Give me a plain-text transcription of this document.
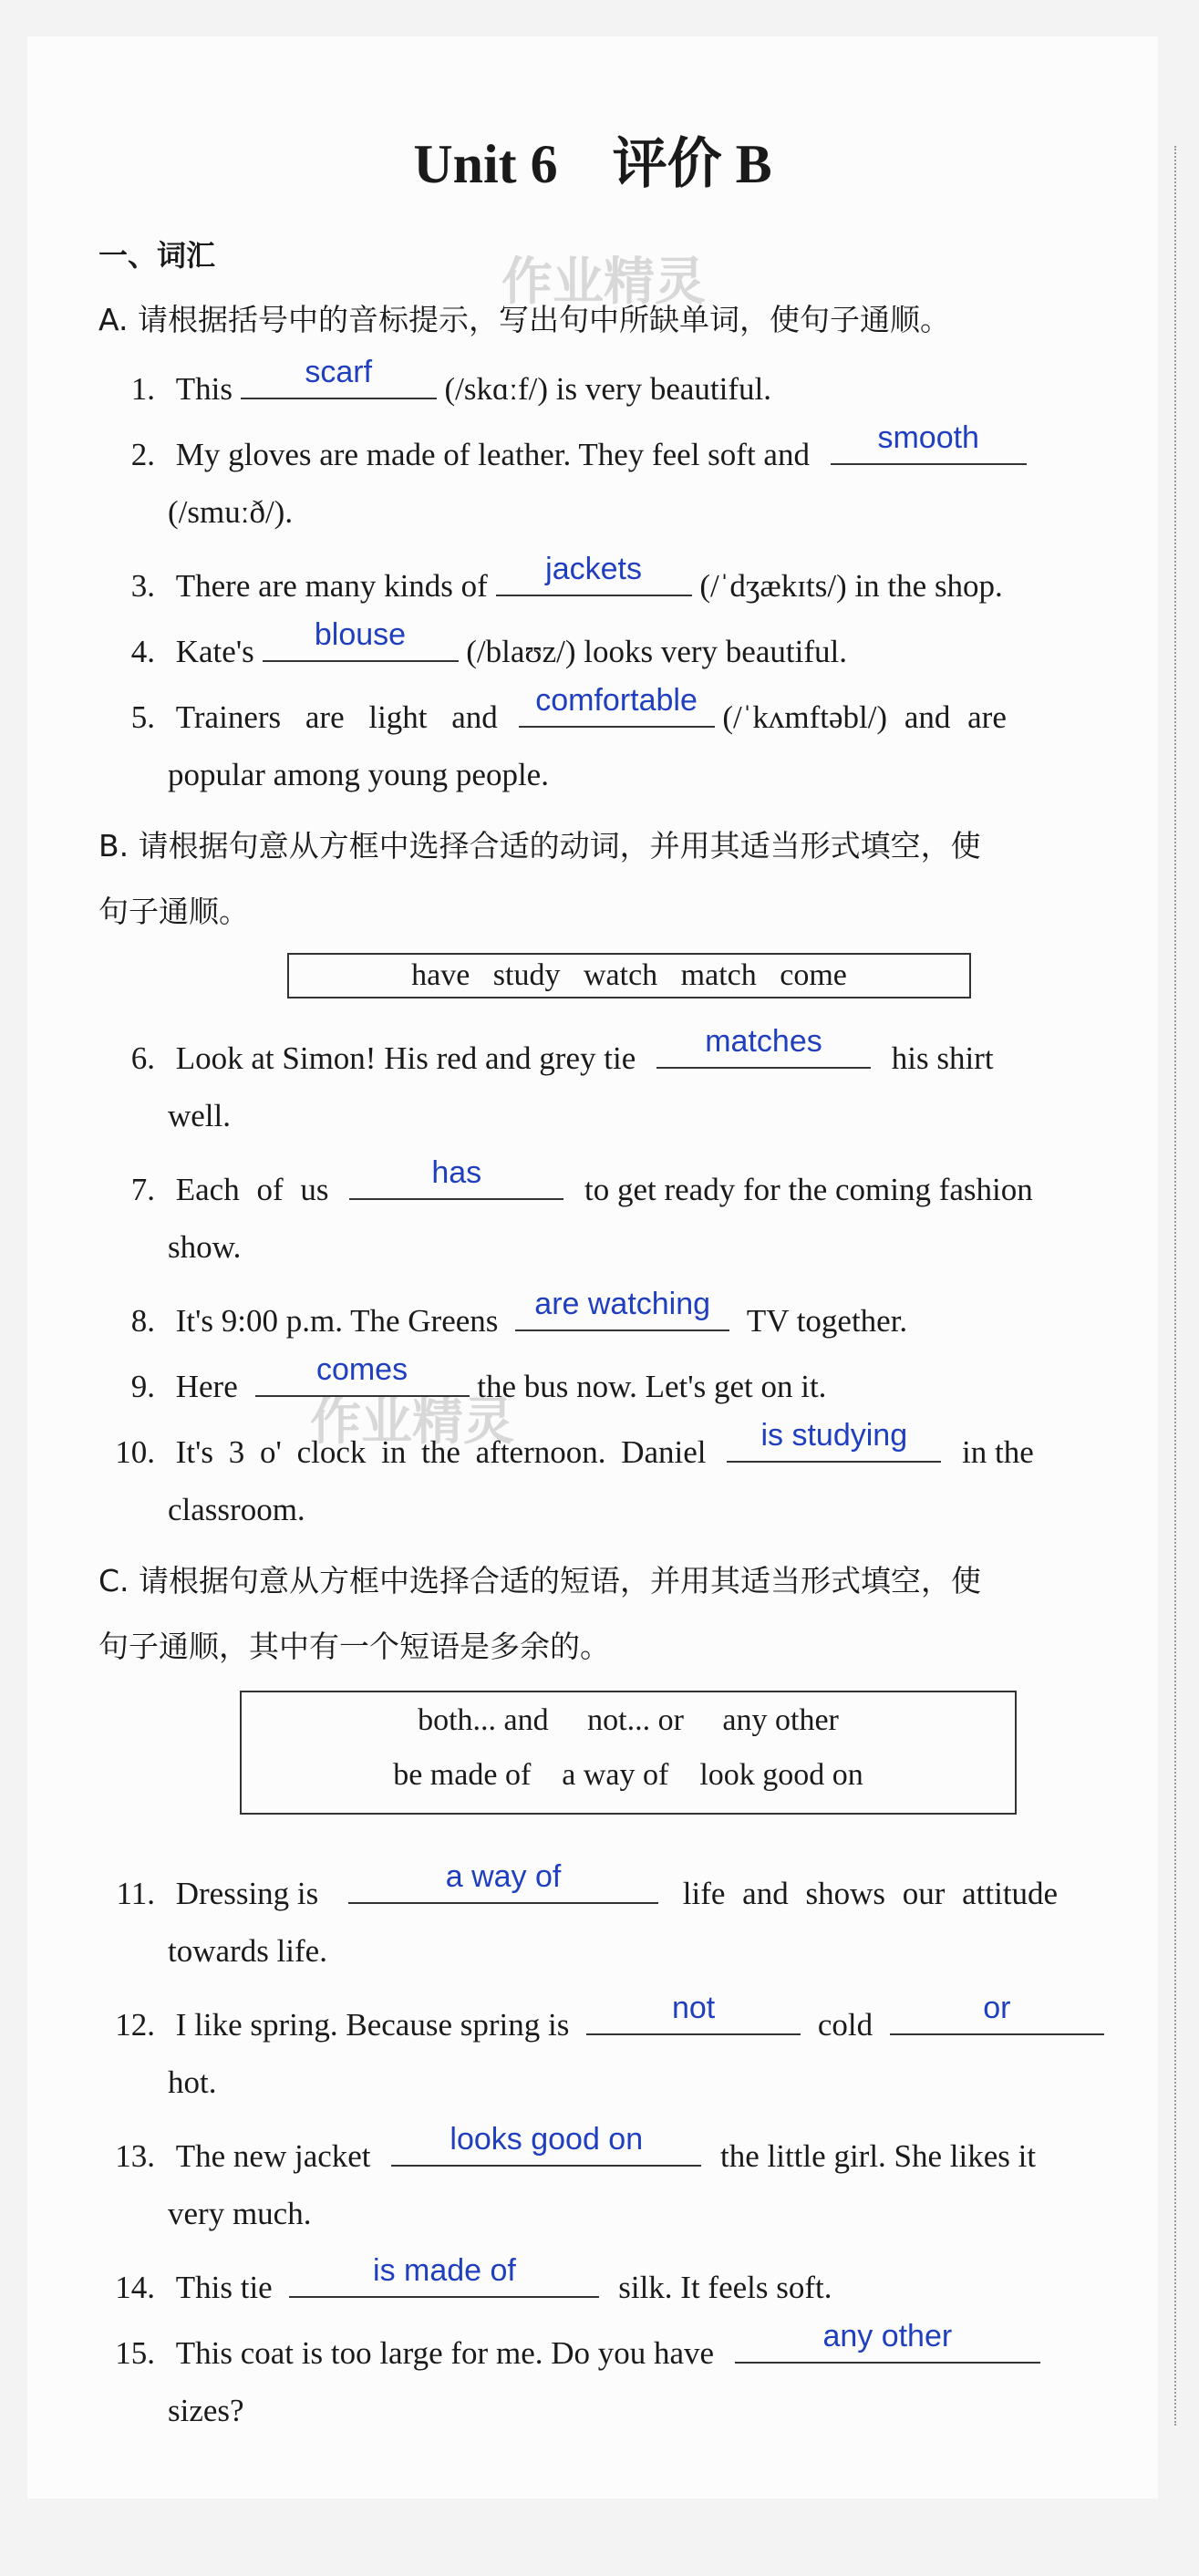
Unit 6　评价 B
作业精灵
作业精灵
一、词汇
A. 请根据括号中的音标提示，写出句中所缺单词，使句子通顺。
1. This	scarf	(/skɑːf/) is very beautiful.
2. My gloves are made of leather. They feel soft and	smooth
(/smuːð/).
3. There are many kinds of	jackets	(/ˈdʒækɪts/) in the shop.
4. Kate's	blouse	(/blaʊz/) looks very beautiful.
5. Trainers are light and	comfortable (/ˈkʌmftəbl/) and are
popular among young people.
B. 请根据句意从方框中选择合适的动词，并用其适当形式填空，使
句子通顺。
have   study   watch   match   come
6. Look at Simon! His red and grey tie	matches	his shirt
well.
7. Each of us	has	to get ready for the coming fashion
show.
8. It's 9:00 p.m. The Greens	are watching	TV together.
9. Here	comes	the bus now. Let's get on it.
10. It's 3 o' clock in the afternoon. Daniel	is studying	in the
classroom.
C. 请根据句意从方框中选择合适的短语，并用其适当形式填空，使
句子通顺，其中有一个短语是多余的。
both... and     not... or     any other
be made of    a way of    look good on
11. Dressing is	a way of	life and shows our attitude
towards life.
12. I like spring. Because spring is	not	cold	or
hot.
13. The new jacket	looks good on	the little girl. She likes it
very much.
14. This tie	is made of	silk. It feels soft.
15. This coat is too large for me. Do you have	any other
sizes?
